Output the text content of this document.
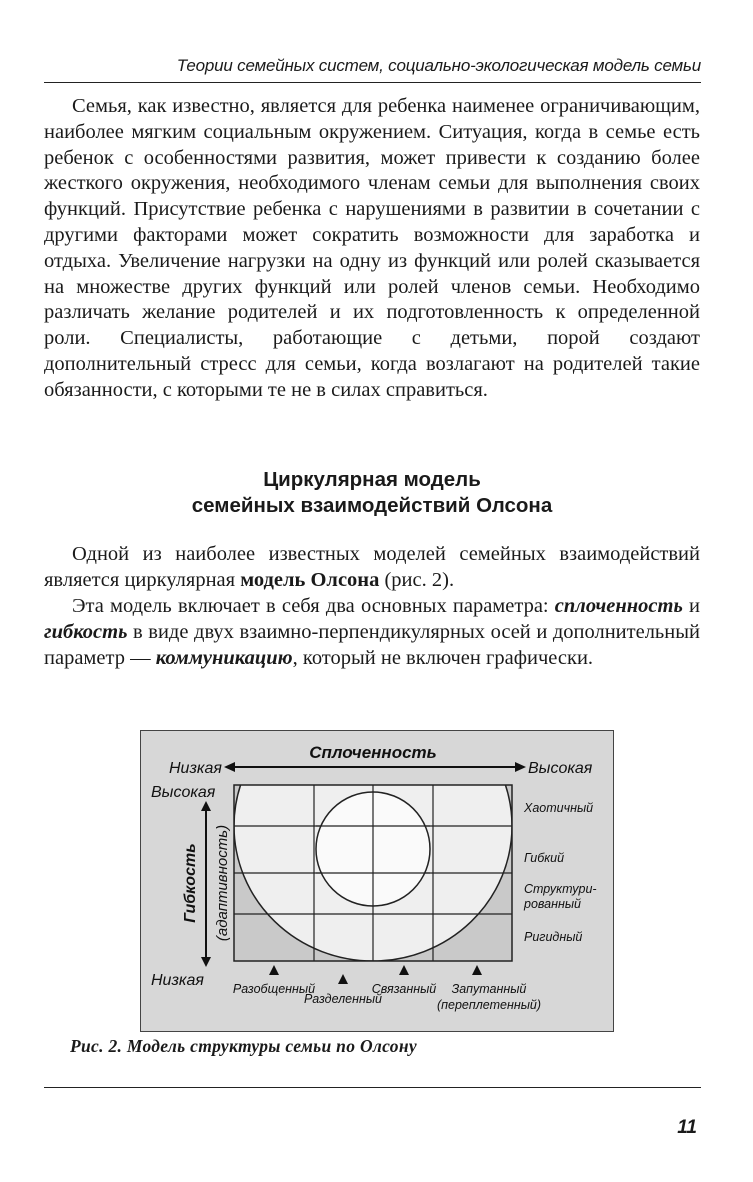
Теории семейных систем, социально-экологическая модель семьи

Семья, как известно, является для ребенка наименее ограничивающим, наиболее мягким социальным окружением. Ситуация, когда в семье есть ребенок с особенностями развития, может привести к созданию более жесткого окружения, необходимого членам семьи для выполнения своих функций. Присутствие ребенка с нарушениями в развитии в сочетании с другими факторами может сократить возможности для заработка и отдыха. Увеличение нагрузки на одну из функций или ролей сказывается на множестве других функций или ролей членов семьи. Необходимо различать желание родителей и их подготовленность к определенной роли. Специалисты, работающие с детьми, порой создают дополнительный стресс для семьи, когда возлагают на родителей такие обязанности, с которыми те не в силах справиться.

Циркулярная модель
семейных взаимодействий Олсона

Одной из наиболее известных моделей семейных взаимодействий является циркулярная модель Олсона (рис. 2).

Эта модель включает в себя два основных параметра: сплоченность и гибкость в виде двух взаимно-перпендикулярных осей и дополнительный параметр — коммуникацию, который не включен графически.

Сплоченность
Низкая	Высокая
Высокая
Низкая
Гибкость (адаптивность)
Хаотичный
Гибкий
Структури-
рованный
Ригидный
Разобщенный
Разделенный
Связанный Запутанный
(переплетенный)
Рис. 2. Модель структуры семьи по Олсону
11
